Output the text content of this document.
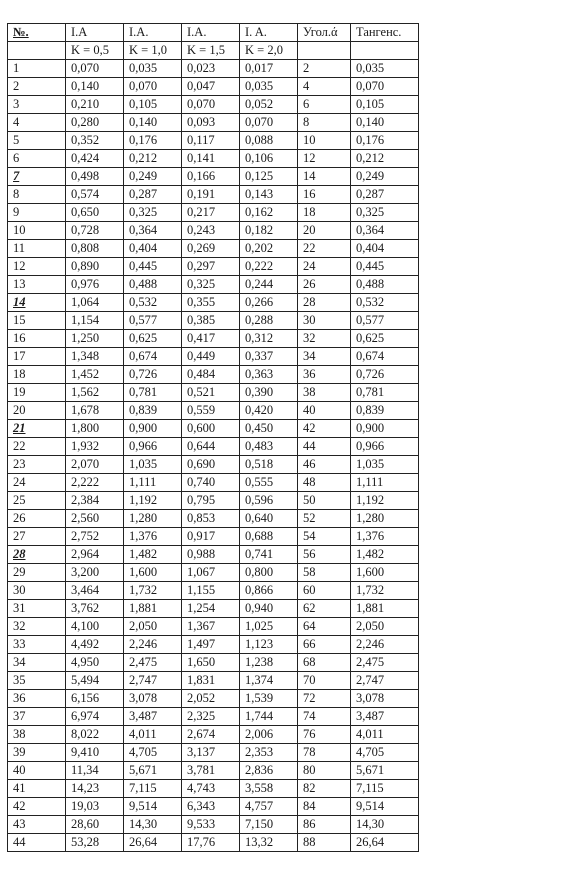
№.	I.A	I.A.	I.A.	I. A.	Угол.ά	Тангенс.
	K = 0,5	K = 1,0	K = 1,5	K = 2,0		
1	0,070	0,035	0,023	0,017	2	0,035
2	0,140	0,070	0,047	0,035	4	0,070
3	0,210	0,105	0,070	0,052	6	0,105
4	0,280	0,140	0,093	0,070	8	0,140
5	0,352	0,176	0,117	0,088	10	0,176
6	0,424	0,212	0,141	0,106	12	0,212
7	0,498	0,249	0,166	0,125	14	0,249
8	0,574	0,287	0,191	0,143	16	0,287
9	0,650	0,325	0,217	0,162	18	0,325
10	0,728	0,364	0,243	0,182	20	0,364
11	0,808	0,404	0,269	0,202	22	0,404
12	0,890	0,445	0,297	0,222	24	0,445
13	0,976	0,488	0,325	0,244	26	0,488
14	1,064	0,532	0,355	0,266	28	0,532
15	1,154	0,577	0,385	0,288	30	0,577
16	1,250	0,625	0,417	0,312	32	0,625
17	1,348	0,674	0,449	0,337	34	0,674
18	1,452	0,726	0,484	0,363	36	0,726
19	1,562	0,781	0,521	0,390	38	0,781
20	1,678	0,839	0,559	0,420	40	0,839
21	1,800	0,900	0,600	0,450	42	0,900
22	1,932	0,966	0,644	0,483	44	0,966
23	2,070	1,035	0,690	0,518	46	1,035
24	2,222	1,111	0,740	0,555	48	1,111
25	2,384	1,192	0,795	0,596	50	1,192
26	2,560	1,280	0,853	0,640	52	1,280
27	2,752	1,376	0,917	0,688	54	1,376
28	2,964	1,482	0,988	0,741	56	1,482
29	3,200	1,600	1,067	0,800	58	1,600
30	3,464	1,732	1,155	0,866	60	1,732
31	3,762	1,881	1,254	0,940	62	1,881
32	4,100	2,050	1,367	1,025	64	2,050
33	4,492	2,246	1,497	1,123	66	2,246
34	4,950	2,475	1,650	1,238	68	2,475
35	5,494	2,747	1,831	1,374	70	2,747
36	6,156	3,078	2,052	1,539	72	3,078
37	6,974	3,487	2,325	1,744	74	3,487
38	8,022	4,011	2,674	2,006	76	4,011
39	9,410	4,705	3,137	2,353	78	4,705
40	11,34	5,671	3,781	2,836	80	5,671
41	14,23	7,115	4,743	3,558	82	7,115
42	19,03	9,514	6,343	4,757	84	9,514
43	28,60	14,30	9,533	7,150	86	14,30
44	53,28	26,64	17,76	13,32	88	26,64
